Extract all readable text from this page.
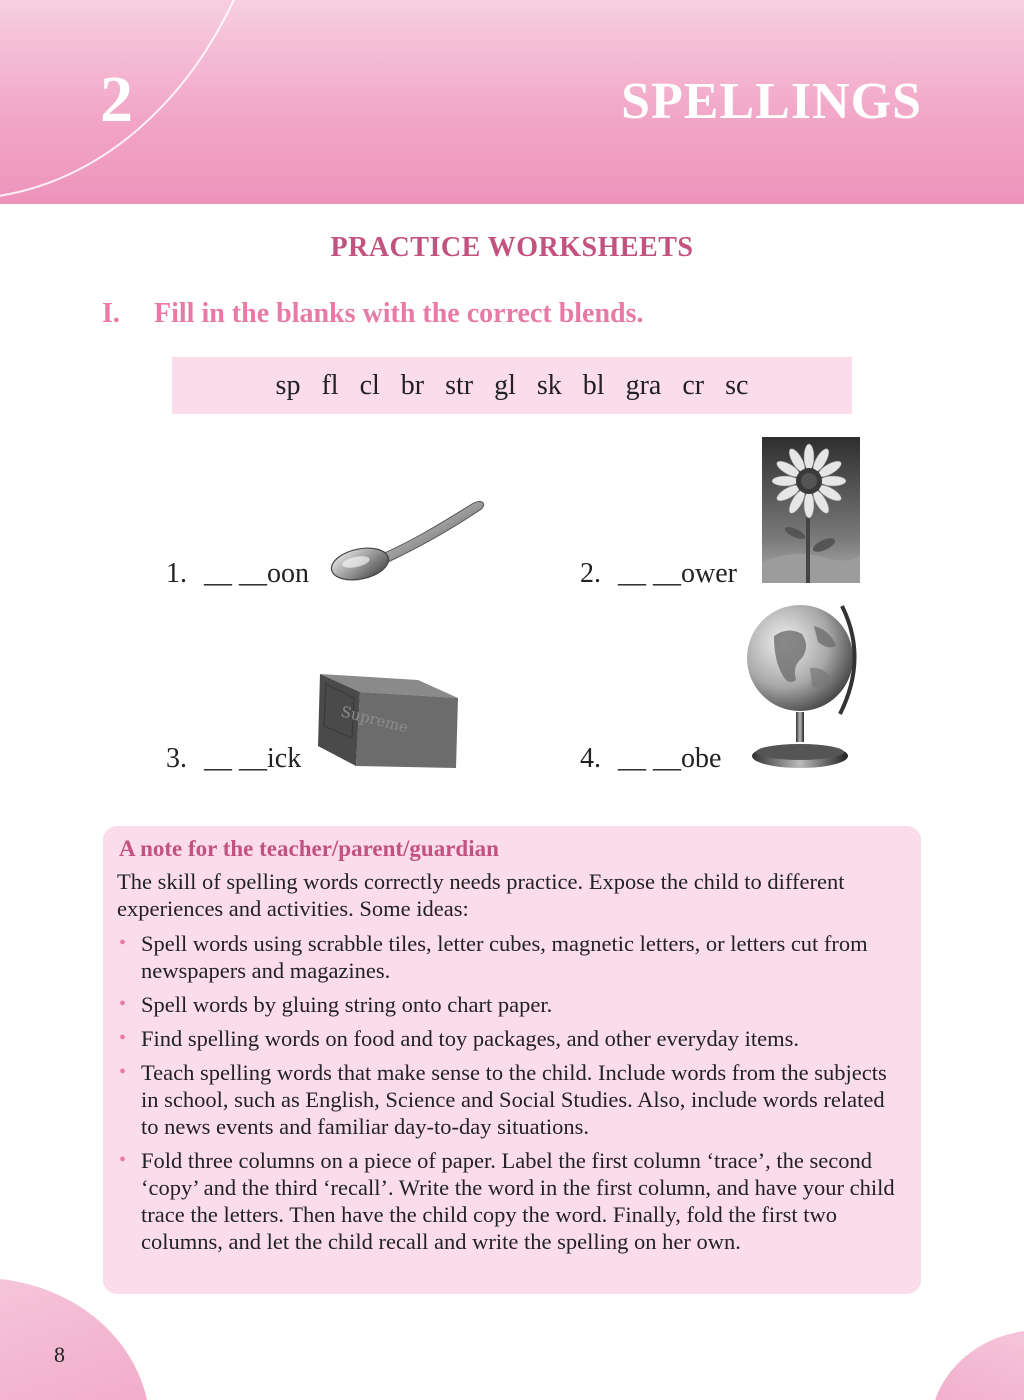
2	SPELLINGS
PRACTICE WORKSHEETS
I. Fill in the blanks with the correct blends.
sp fl cl br str gl sk bl gra cr sc
1. __ __oon	2. __ __ower
3. __ __ick
Supreme
4. __ __obe
A note for the teacher/parent/guardian
The skill of spelling words correctly needs practice. Expose the child to different experiences and activities. Some ideas:
• Spell words using scrabble tiles, letter cubes, magnetic letters, or letters cut from newspapers and magazines.
• Spell words by gluing string onto chart paper.
• Find spelling words on food and toy packages, and other everyday items.
• Teach spelling words that make sense to the child. Include words from the subjects in school, such as English, Science and Social Studies. Also, include words related to news events and familiar day-to-day situations.
• Fold three columns on a piece of paper. Label the first column ‘trace’, the second ‘copy’ and the third ‘recall’. Write the word in the first column, and have your child trace the letters. Then have the child copy the word. Finally, fold the first two columns, and let the child recall and write the spelling on her own.
8
